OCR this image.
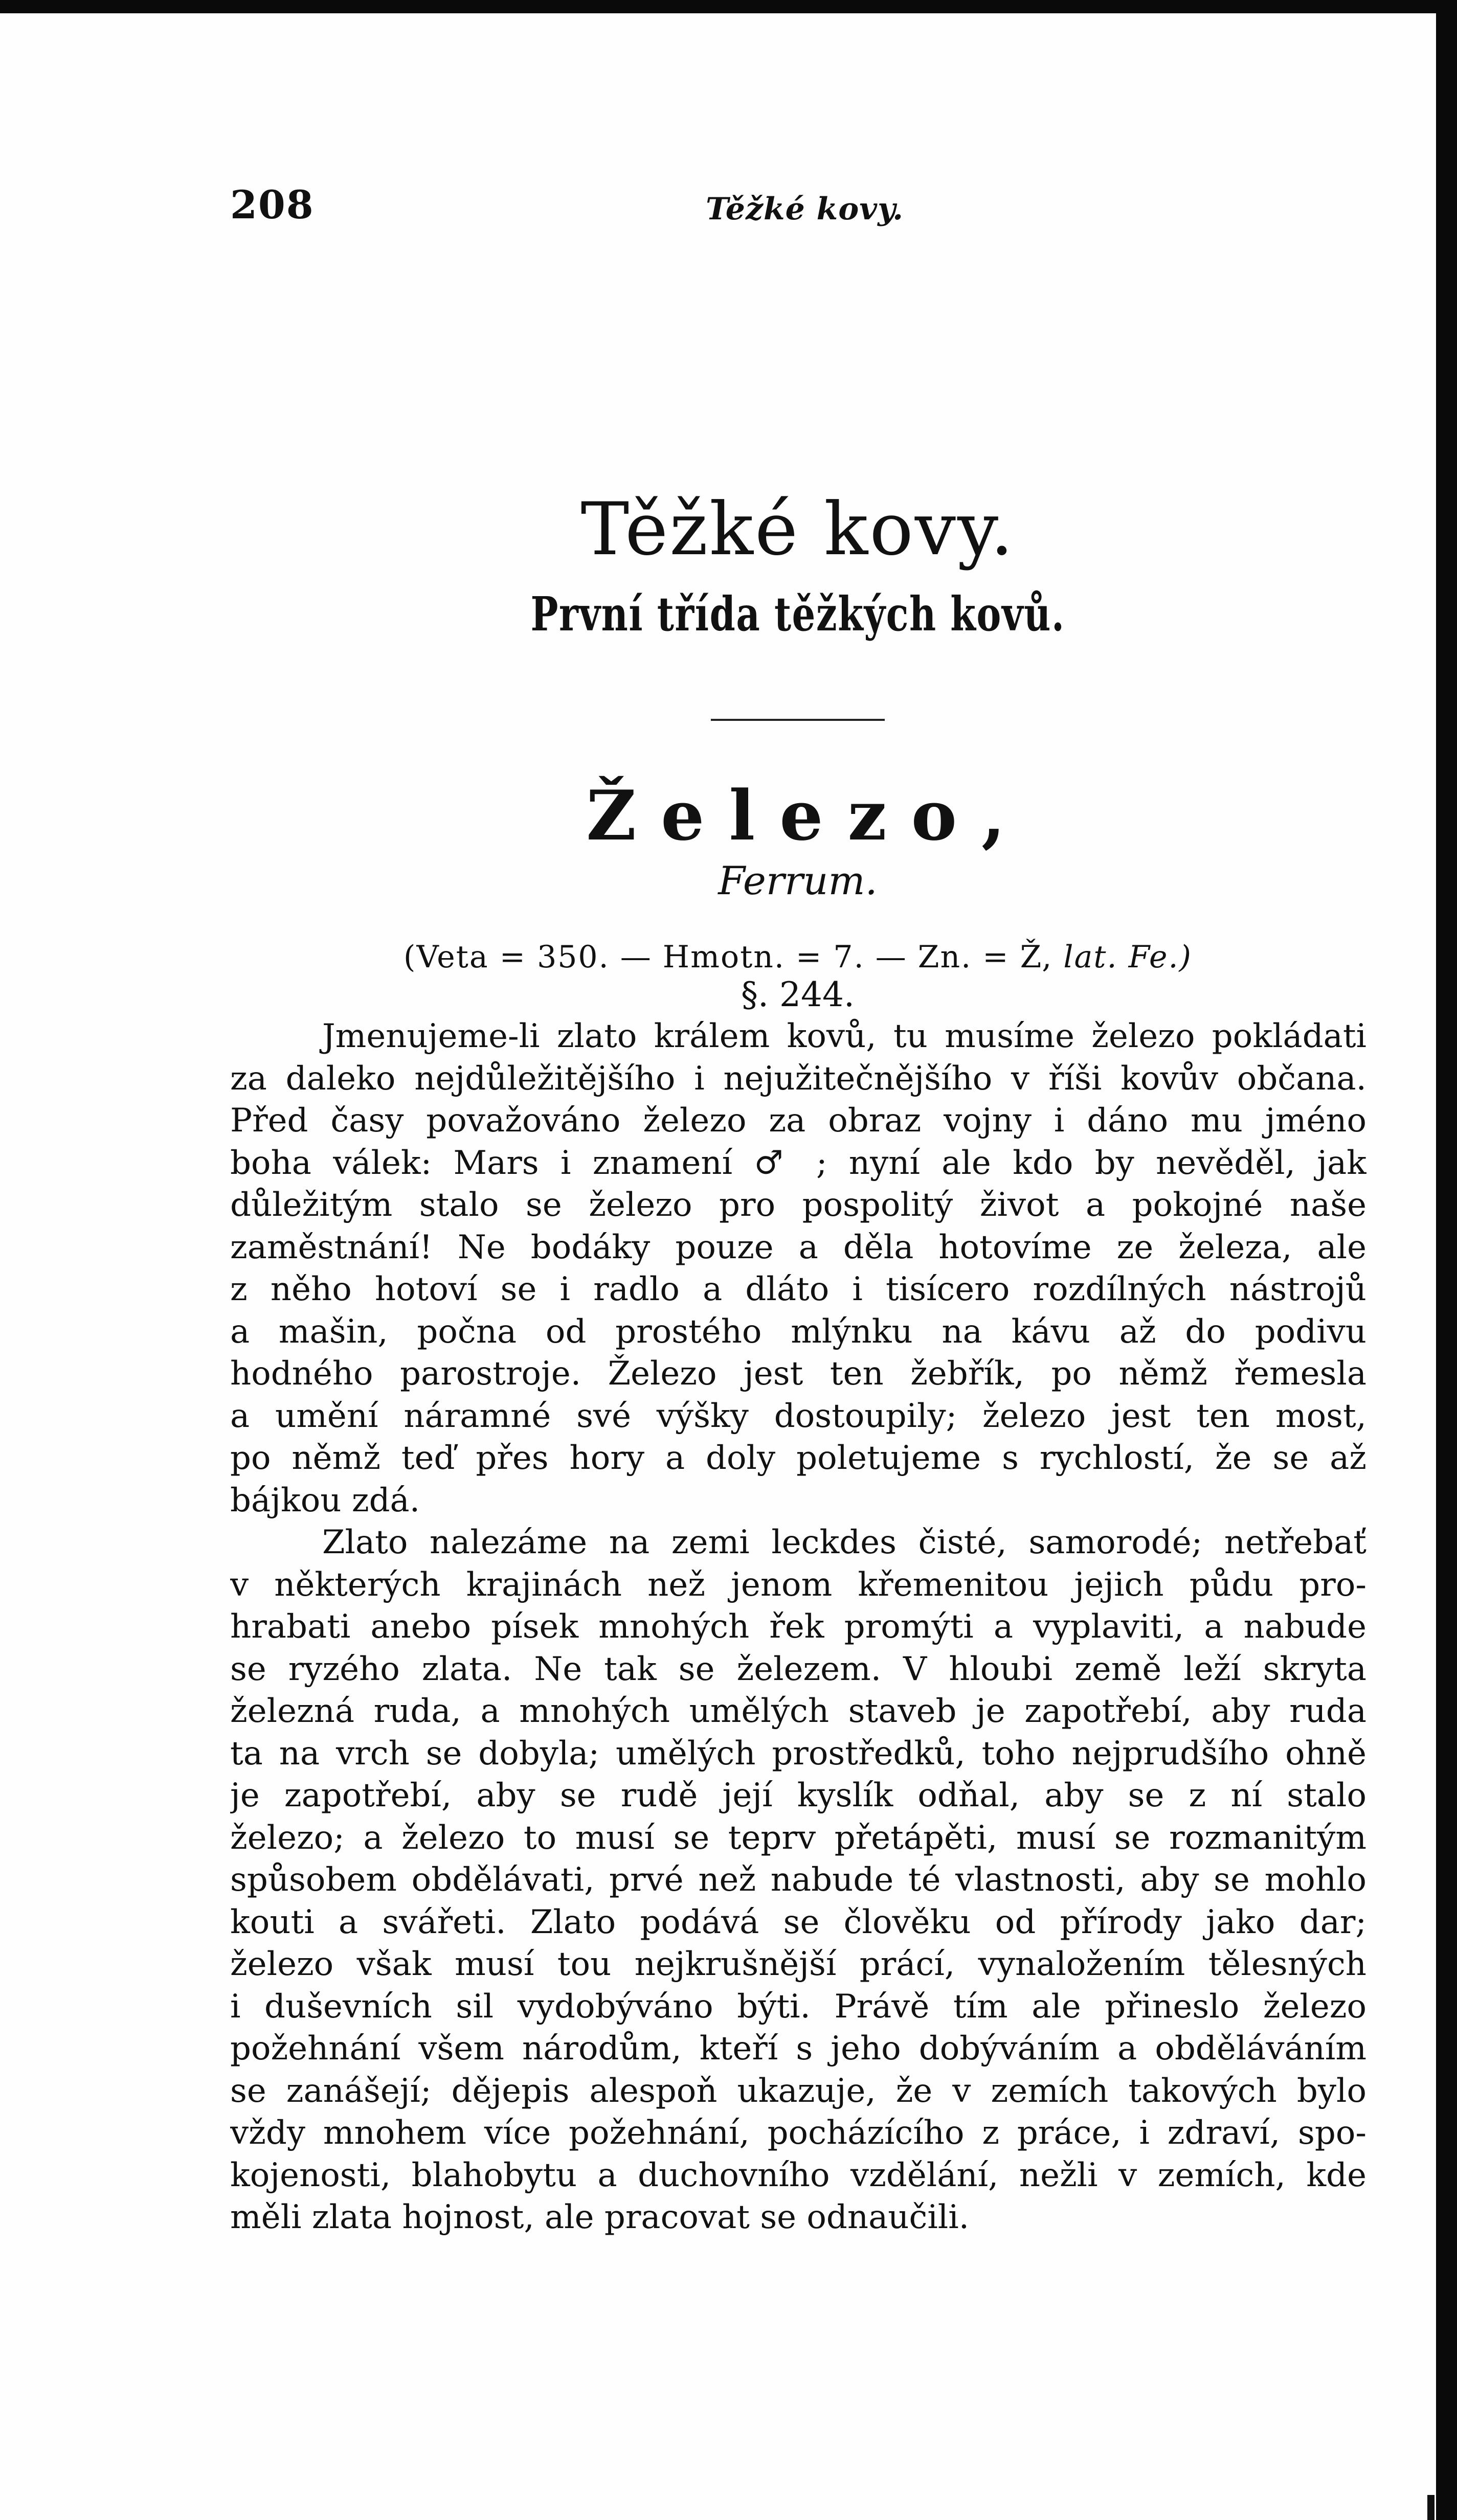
208	Těžké kovy.
Těžké kovy.
První třída těžkých kovů.
Železo,
Ferrum.
(Veta = 350. — Hmotn. = 7. — Zn. = Ž, lat. Fe.)
§. 244.

Jmenujeme-li zlato králem kovů, tu musíme železo pokládati
za daleko nejdůležitějšího i nejužitečnějšího v říši kovův občana.
Před časy považováno železo za obraz vojny i dáno mu jméno
boha válek: Mars i znamení ♂ ; nyní ale kdo by nevěděl, jak
důležitým stalo se železo pro pospolitý život a pokojné naše
zaměstnání! Ne bodáky pouze a děla hotovíme ze železa, ale
z něho hotoví se i radlo a dláto i tisícero rozdílných nástrojů
a mašin, počna od prostého mlýnku na kávu až do podivu
hodného parostroje. Železo jest ten žebřík, po němž řemesla
a umění náramné své výšky dostoupily; železo jest ten most,
po němž teď přes hory a doly poletujeme s rychlostí, že se až
bájkou zdá.

Zlato nalezáme na zemi leckdes čisté, samorodé; netřebať
v některých krajinách než jenom křemenitou jejich půdu pro-
hrabati anebo písek mnohých řek promýti a vyplaviti, a nabude
se ryzého zlata. Ne tak se železem. V hloubi země leží skryta
železná ruda, a mnohých umělých staveb je zapotřebí, aby ruda
ta na vrch se dobyla; umělých prostředků, toho nejprudšího ohně
je zapotřebí, aby se rudě její kyslík odňal, aby se z ní stalo
železo; a železo to musí se teprv přetápěti, musí se rozmanitým
spůsobem obdělávati, prvé než nabude té vlastnosti, aby se mohlo
kouti a svářeti. Zlato podává se člověku od přírody jako dar;
železo však musí tou nejkrušnější prácí, vynaložením tělesných
i duševních sil vydobýváno býti. Právě tím ale přineslo železo
požehnání všem národům, kteří s jeho dobýváním a obděláváním
se zanášejí; dějepis alespoň ukazuje, že v zemích takových bylo
vždy mnohem více požehnání, pocházícího z práce, i zdraví, spo-
kojenosti, blahobytu a duchovního vzdělání, nežli v zemích, kde
měli zlata hojnost, ale pracovat se odnaučili.
